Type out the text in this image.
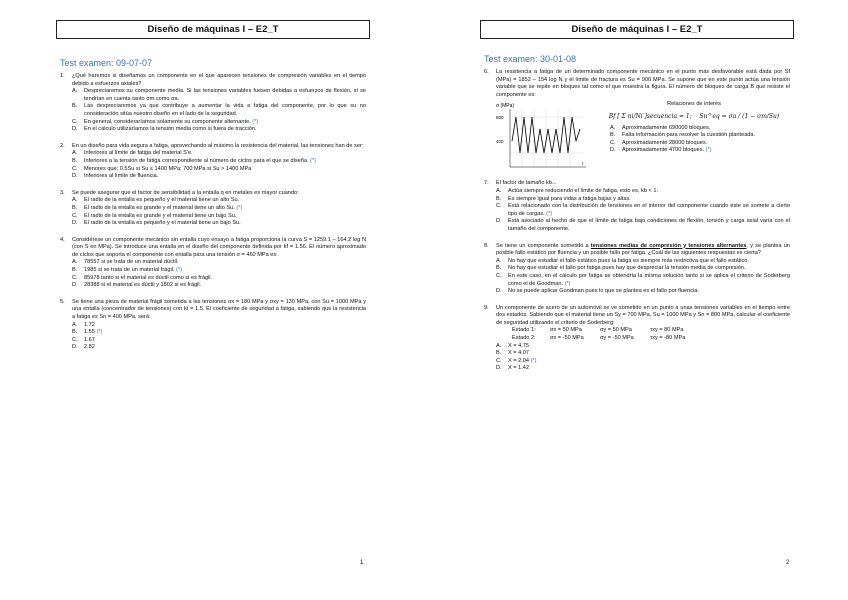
Diseño de máquinas I – E2_T
Test examen: 09-07-07
1.	¿Qué haremos si diseñamos un componente en el que aparecen tensiones de compresión variables en el tiempo debido a esfuerzos axiales?
A.	Despreciaremos su componente media. Si las tensiones variables fuesen debidas a esfuerzos de flexión, sí se tendrían en cuenta tanto σm como σa.
B.	Las despreciaremos ya que contribuye a aumentar la vida a fatiga del componente, por lo que su no consideración sitúa nuestro diseño en el lado de la seguridad.
C.	En general, consideraríamos solamente su componente alternante. (*)
D.	En el cálculo utilizaríamos la tensión media como si fuera de tracción.
2.	En un diseño para vida segura a fatiga, aprovechando al máximo la resistencia del material, las tensiones han de ser:
A.	Inferiores al límite de fatiga del material S'e.
B.	Inferiores a la tensión de fatiga correspondiente al número de ciclos para el que se diseña. (*)
C.	Menores que: 0.5Su si Su ≤ 1400 MPa; 700 MPa si Su > 1400 MPa
D.	Inferiores al límite de fluencia.
3.	Se puede asegurar que el factor de sensibilidad a la entalla q en metales es mayor cuando:
A.	El radio de la entalla es pequeño y el material tiene un alto Su.
B.	El radio de la entalla es grande y el material tiene un alto Su. (*)
C.	El radio de la entalla es grande y el material tiene un bajo Su.
D.	El radio de la entalla es pequeño y el material tiene un bajo Su.
4.	Considérese un componente mecánico sin entalla cuyo ensayo a fatiga proporciona la curva S = 1259.1 – 164.2 log N (con S en MPa). Se introduce una entalla en el diseño del componente definida por kf = 1.56. El número aproximado de ciclos que soporta el componente con entalla para una tensión σ = 460 MPa es:
A.	78557 si se trata de un material dúctil.
B.	1985 si se trata de un material frágil. (*)
C.	85978 tanto si el material es dúctil como si es frágil.
D.	28388 si el material es dúctil y 1802 si es frágil.
5.	Se tiene una pieza de material frágil sometida a las tensiones σx = 180 MPa y σxy = 130 MPa, con Su = 1000 MPa y una entalla (concentrador de tensiones) con kt = 1.5. El coeficiente de seguridad a fatiga, sabiendo que la resistencia a fatiga es Sn = 400 MPa, será:
A.	1.72
B.	1.55 (*)
C.	1.67
D.	2.82
1
Diseño de máquinas I – E2_T
Test examen: 30-01-08
6.	La resistencia a fatiga de un determinado componente mecánico en el punto más desfavorable está dada por Sf (MPa) = 1852 – 154 log N y el límite de fractura es Su = 900 MPa. Se supone que en este punto actúa una tensión variable que se repite en bloques tal como el que muestra la figura. El número de bloques de carga B que resiste el componente es:
σ (MPa)
800
400
t
Relaciones de interés
Bf [ Σ ni/Ni ]secuencia = 1; Sn^eq = σa / (1 − σm/Su)
A.	Aproximadamente 690000 bloques.
B.	Falta información para resolver la cuestión planteada.
C.	Aproximadamente 28000 bloques.
D.	Aproximadamente 4700 bloques. (*)
7.	El factor de tamaño kb...
A.	Actúa siempre reduciendo el límite de fatiga, esto es, kb < 1.
B.	Es siempre igual para vidas a fatiga bajas y altas.
C.	Está relacionado con la distribución de tensiones en el interior del componente cuando éste se somete a cierto tipo de cargas. (*)
D.	Está asociado al hecho de que el límite de fatiga bajo condiciones de flexión, torsión y carga axial varía con el tamaño del componente.
8.	Se tiene un componente sometido a tensiones medias de compresión y tensiones alternantes, y se plantea un posible fallo estático por fluencia y un posible fallo por fatiga. ¿Cuál de las siguientes respuestas es cierta?
A.	No hay que estudiar el fallo estático pues la fatiga es siempre más restrictiva que el fallo estático.
B.	No hay que estudiar el fallo por fatiga pues hay que despreciar la tensión media de compresión.
C.	En este caso, en el cálculo por fatiga se obtendría la misma solución tanto si se aplica el criterio de Soderberg como el de Goodman. (*)
D.	No se puede aplicar Goodman pues lo que se plantea es el fallo por fluencia.
9.	Un componente de acero de un automóvil se ve sometido en un punto a unas tensiones variables en el tiempo entre dos estados. Sabiendo que el material tiene un Sy = 700 MPa, Su = 1000 MPa y Sn = 800 MPa, calcular el coeficiente de seguridad utilizando el criterio de Soderberg:
Estado 1:	σx = 50 MPa	σy = 50 MPa	τxy = 80 MPa
Estado 2:	σx = -50 MPa	σy = -50 MPa	τxy = -80 MPa
A.	X = 4.75
B.	X = 4.07
C.	X = 2.04 (*)
D.	X = 1.42
2
